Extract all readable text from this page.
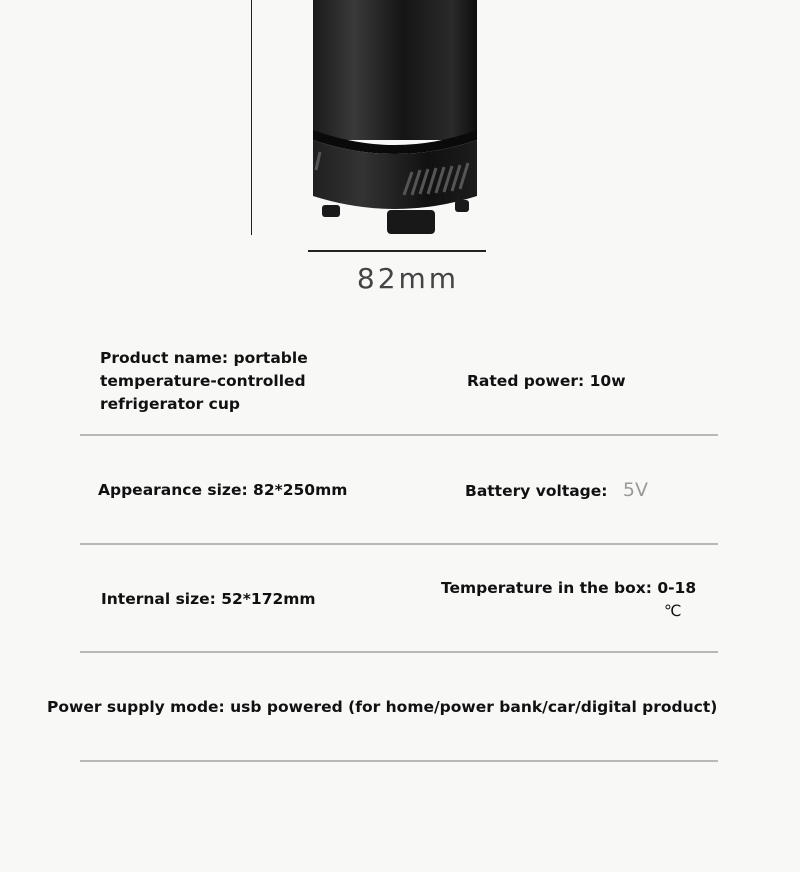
82mm
Product name: portable temperature-controlled refrigerator cup
Rated power: 10w
Appearance size: 82*250mm	Battery voltage: 5V
Internal size: 52*172mm
Temperature in the box: 0-18
℃
Power supply mode: usb powered (for home/power bank/car/digital product)
